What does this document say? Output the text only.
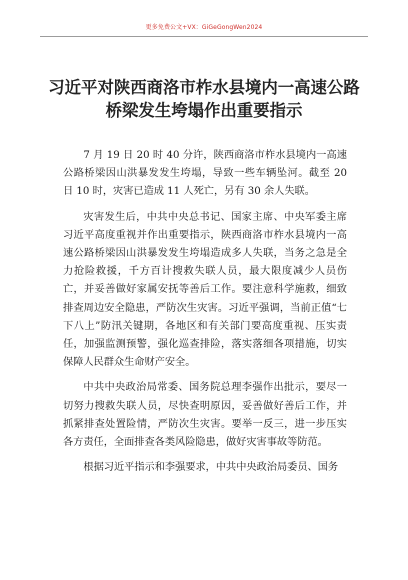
更多免费公文+VX：GiGeGongWen2024
习近平对陕西商洛市柞水县境内一高速公路桥梁发生垮塌作出重要指示

7 月 19 日 20 时 40 分许，陕西商洛市柞水县境内一高速公路桥梁因山洪暴发发生垮塌，导致一些车辆坠河。截至 20 日 10 时，灾害已造成 11 人死亡，另有 30 余人失联。

灾害发生后，中共中央总书记、国家主席、中央军委主席习近平高度重视并作出重要指示，陕西商洛市柞水县境内一高速公路桥梁因山洪暴发发生垮塌造成多人失联，当务之急是全力抢险救援，千方百计搜救失联人员，最大限度减少人员伤亡，并妥善做好家属安抚等善后工作。要注意科学施救，细致排查周边安全隐患，严防次生灾害。习近平强调，当前正值“七下八上”防汛关键期，各地区和有关部门要高度重视、压实责任，加强监测预警，强化巡查排险，落实落细各项措施，切实保障人民群众生命财产安全。

中共中央政治局常委、国务院总理李强作出批示，要尽一切努力搜救失联人员，尽快查明原因，妥善做好善后工作，并抓紧排查处置险情，严防次生灾害。要举一反三，进一步压实各方责任，全面排查各类风险隐患，做好灾害事故等防范。

根据习近平指示和李强要求，中共中央政治局委员、国务
